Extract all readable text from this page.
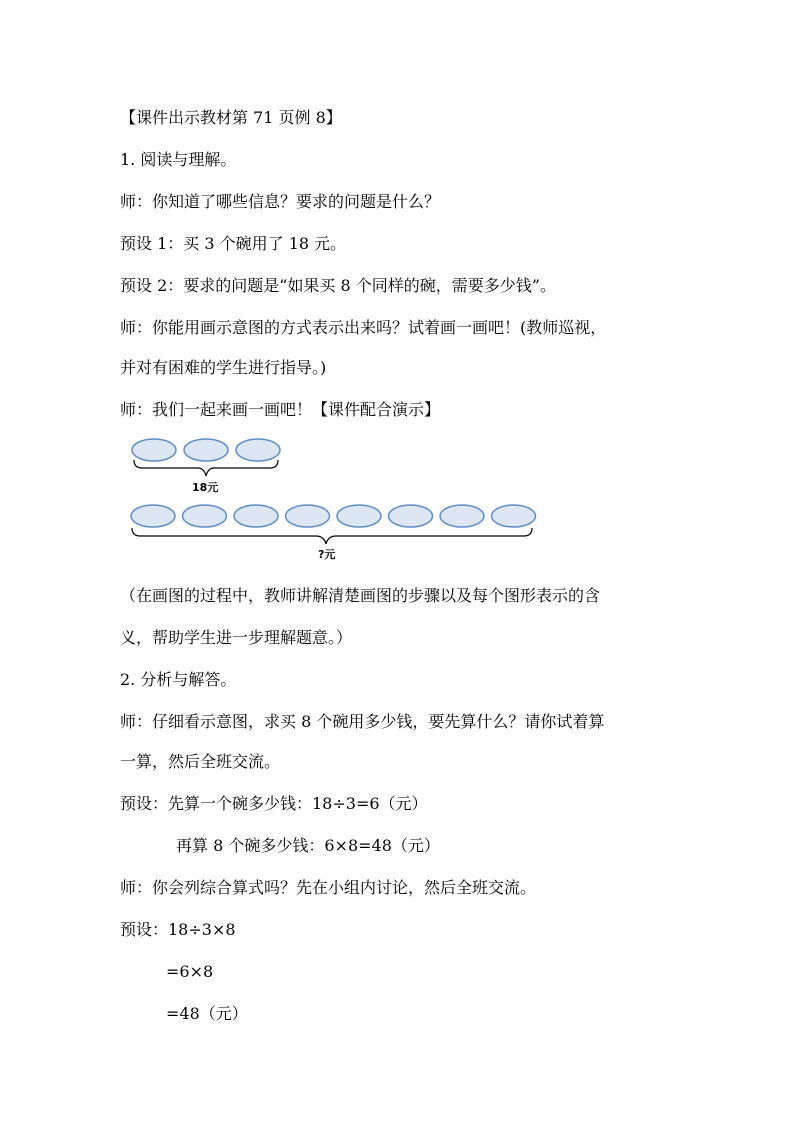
【课件出示教材第 71 页例 8】
1. 阅读与理解。
师：你知道了哪些信息？要求的问题是什么？
预设 1：买 3 个碗用了 18 元。
预设 2：要求的问题是“如果买 8 个同样的碗，需要多少钱”。
师：你能用画示意图的方式表示出来吗？试着画一画吧！(教师巡视，
并对有困难的学生进行指导。)
师：我们一起来画一画吧！【课件配合演示】
18元
?元
（在画图的过程中，教师讲解清楚画图的步骤以及每个图形表示的含
义，帮助学生进一步理解题意。）
2. 分析与解答。
师：仔细看示意图，求买 8 个碗用多少钱，要先算什么？请你试着算
一算，然后全班交流。
预设：先算一个碗多少钱：18÷3=6（元）
再算 8 个碗多少钱：6×8=48（元）
师：你会列综合算式吗？先在小组内讨论，然后全班交流。
预设：18÷3×8
=6×8
=48（元）
